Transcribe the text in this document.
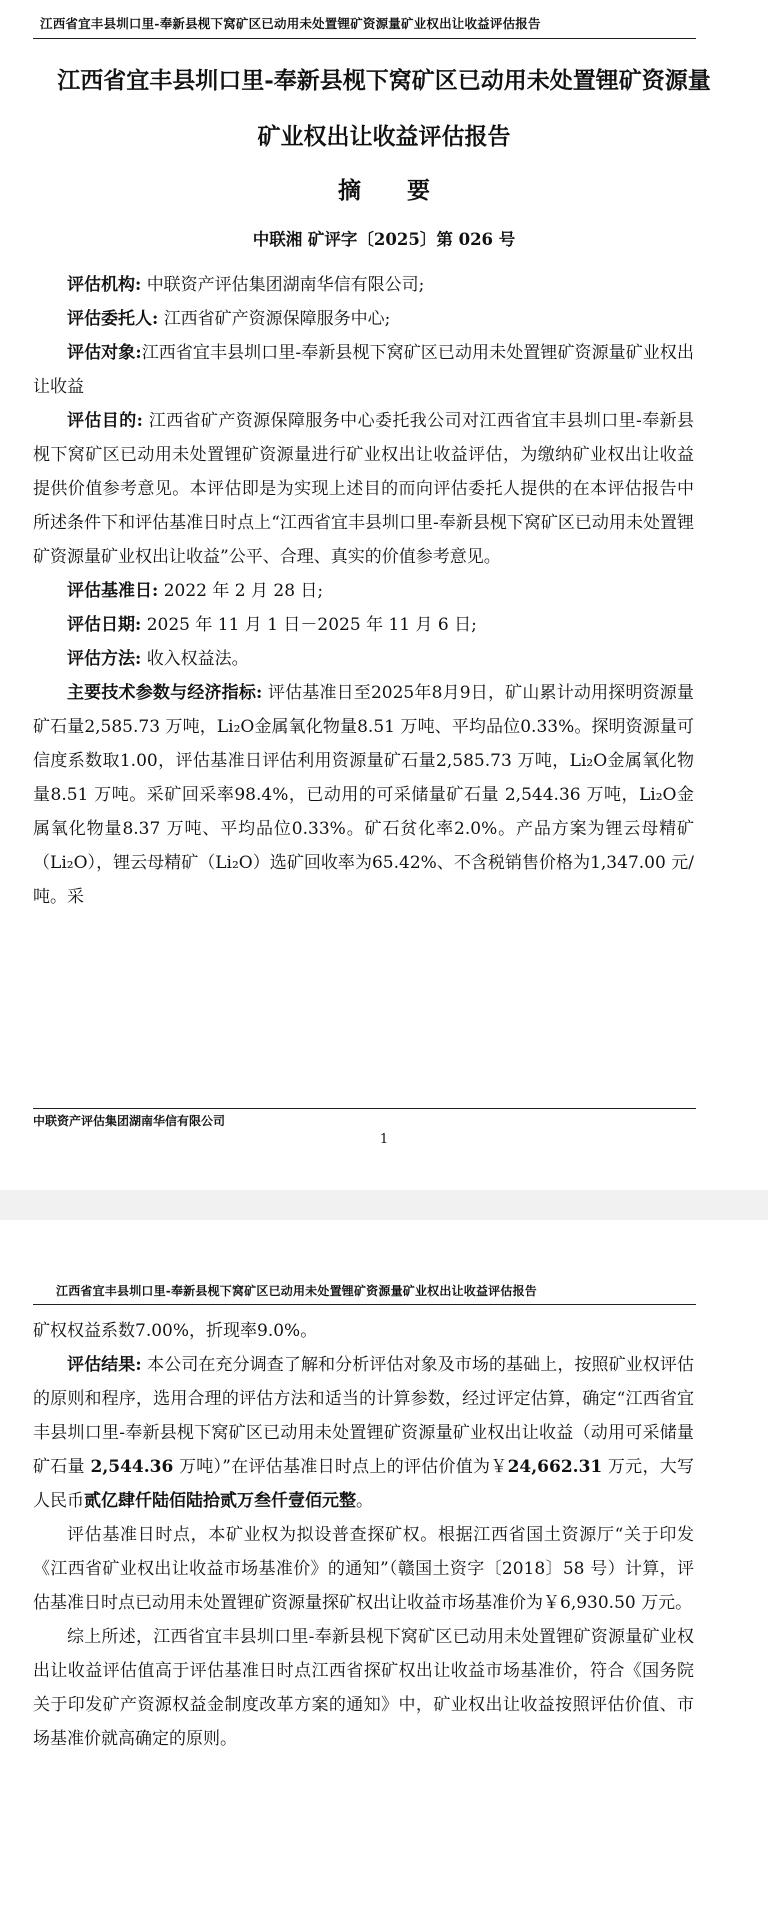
江西省宜丰县圳口里-奉新县枧下窝矿区已动用未处置锂矿资源量矿业权出让收益评估报告
江西省宜丰县圳口里-奉新县枧下窝矿区已动用未处置锂矿资源量
矿业权出让收益评估报告
摘　　要
中联湘 矿评字〔2025〕第 026 号

评估机构: 中联资产评估集团湖南华信有限公司;

评估委托人: 江西省矿产资源保障服务中心;

评估对象:江西省宜丰县圳口里-奉新县枧下窝矿区已动用未处置锂矿资源量矿业权出让收益

评估目的: 江西省矿产资源保障服务中心委托我公司对江西省宜丰县圳口里-奉新县枧下窝矿区已动用未处置锂矿资源量进行矿业权出让收益评估，为缴纳矿业权出让收益提供价值参考意见。本评估即是为实现上述目的而向评估委托人提供的在本评估报告中所述条件下和评估基准日时点上“江西省宜丰县圳口里-奉新县枧下窝矿区已动用未处置锂矿资源量矿业权出让收益”公平、合理、真实的价值参考意见。

评估基准日: 2022 年 2 月 28 日;

评估日期: 2025 年 11 月 1 日－2025 年 11 月 6 日;

评估方法: 收入权益法。

主要技术参数与经济指标: 评估基准日至2025年8月9日，矿山累计动用探明资源量矿石量2,585.73 万吨，Li₂O金属氧化物量8.51 万吨、平均品位0.33%。探明资源量可信度系数取1.00，评估基准日评估利用资源量矿石量2,585.73 万吨，Li₂O金属氧化物量8.51 万吨。采矿回采率98.4%，已动用的可采储量矿石量 2,544.36 万吨，Li₂O金属氧化物量8.37 万吨、平均品位0.33%。矿石贫化率2.0%。产品方案为锂云母精矿（Li₂O），锂云母精矿（Li₂O）选矿回收率为65.42%、不含税销售价格为1,347.00 元/吨。采

中联资产评估集团湖南华信有限公司
1
江西省宜丰县圳口里-奉新县枧下窝矿区已动用未处置锂矿资源量矿业权出让收益评估报告

矿权权益系数7.00%，折现率9.0%。

评估结果: 本公司在充分调查了解和分析评估对象及市场的基础上，按照矿业权评估的原则和程序，选用合理的评估方法和适当的计算参数，经过评定估算，确定“江西省宜丰县圳口里-奉新县枧下窝矿区已动用未处置锂矿资源量矿业权出让收益（动用可采储量矿石量 2,544.36 万吨）”在评估基准日时点上的评估价值为￥24,662.31 万元，大写人民币贰亿肆仟陆佰陆拾贰万叁仟壹佰元整。

评估基准日时点，本矿业权为拟设普查探矿权。根据江西省国土资源厅“关于印发《江西省矿业权出让收益市场基准价》的通知”（赣国土资字〔2018〕58 号）计算，评估基准日时点已动用未处置锂矿资源量探矿权出让收益市场基准价为￥6,930.50 万元。

综上所述，江西省宜丰县圳口里-奉新县枧下窝矿区已动用未处置锂矿资源量矿业权出让收益评估值高于评估基准日时点江西省探矿权出让收益市场基准价，符合《国务院关于印发矿产资源权益金制度改革方案的通知》中，矿业权出让收益按照评估价值、市场基准价就高确定的原则。
